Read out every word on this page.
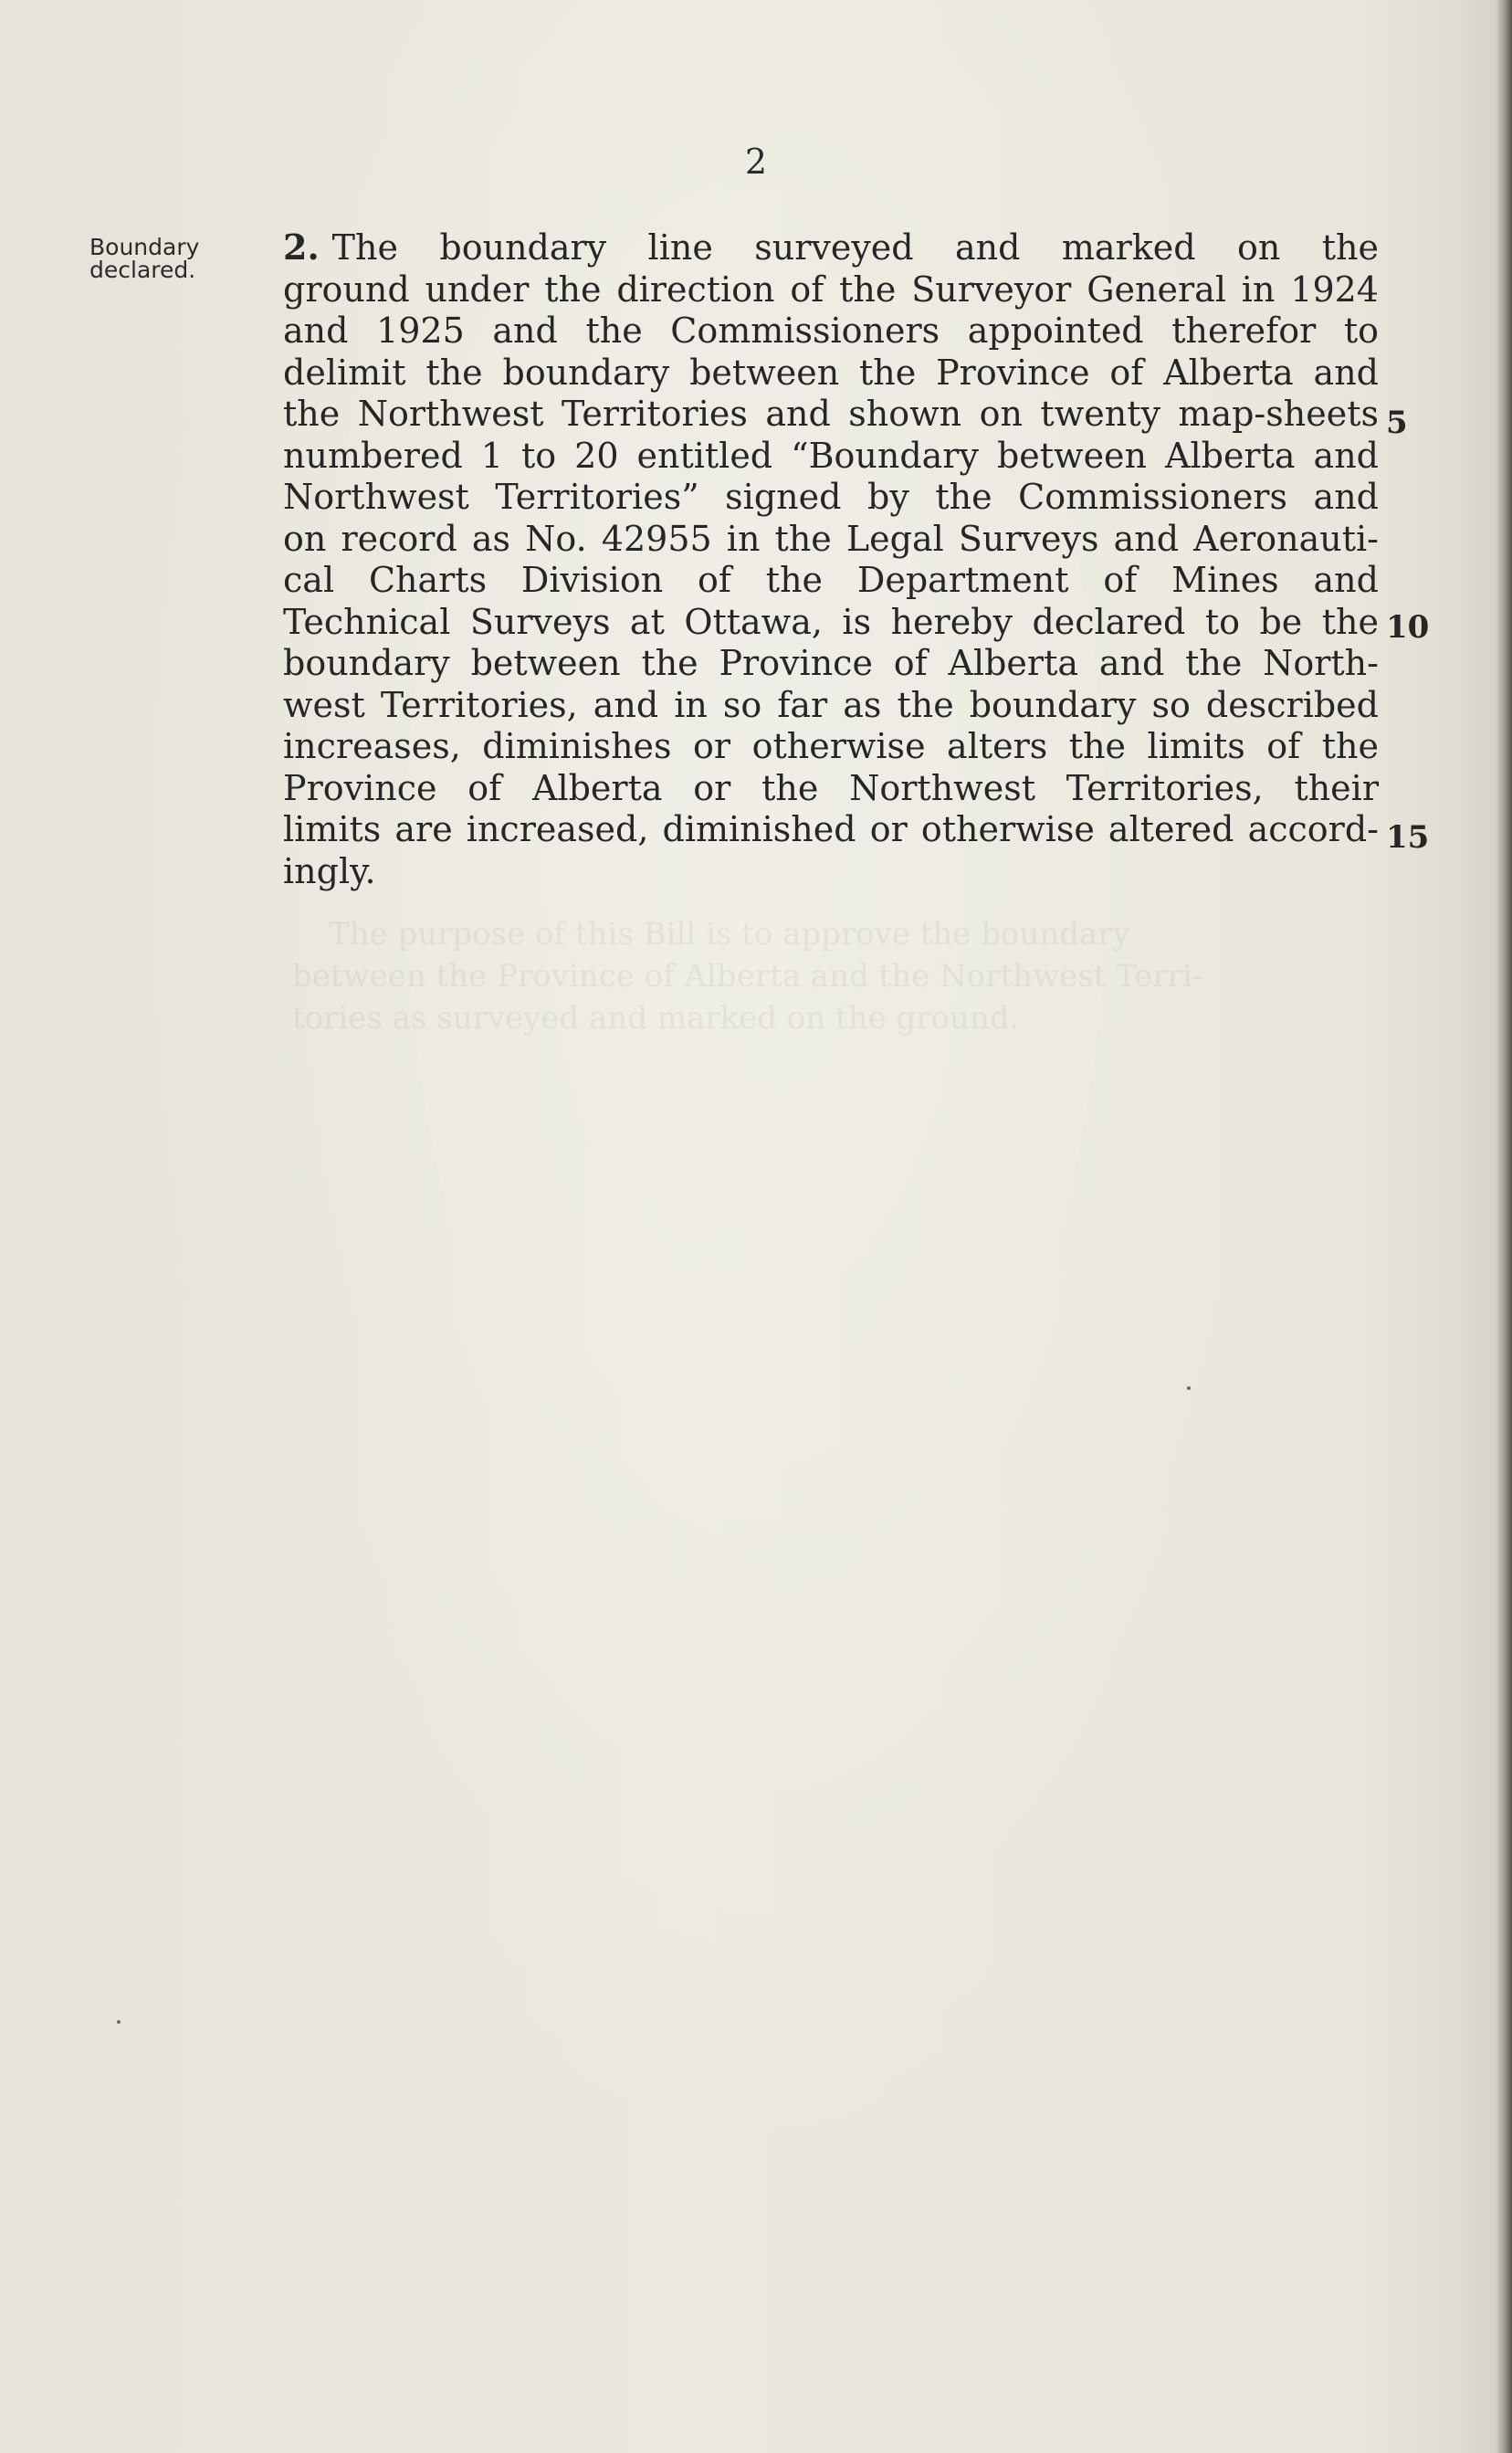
The purpose of this Bill is to approve the boundary
between the Province of Alberta and the Northwest Terri-
tories as surveyed and marked on the ground.
2
Boundary
declared.
2. The boundary line surveyed and marked on the
ground under the direction of the Surveyor General in 1924
and 1925 and the Commissioners appointed therefor to
delimit the boundary between the Province of Alberta and
the Northwest Territories and shown on twenty map-sheets
numbered 1 to 20 entitled “Boundary between Alberta and
Northwest Territories” signed by the Commissioners and
on record as No. 42955 in the Legal Surveys and Aeronauti-
cal Charts Division of the Department of Mines and
Technical Surveys at Ottawa, is hereby declared to be the
boundary between the Province of Alberta and the North-
west Territories, and in so far as the boundary so described
increases, diminishes or otherwise alters the limits of the
Province of Alberta or the Northwest Territories, their
limits are increased, diminished or otherwise altered accord-
ingly.
5
10
15
